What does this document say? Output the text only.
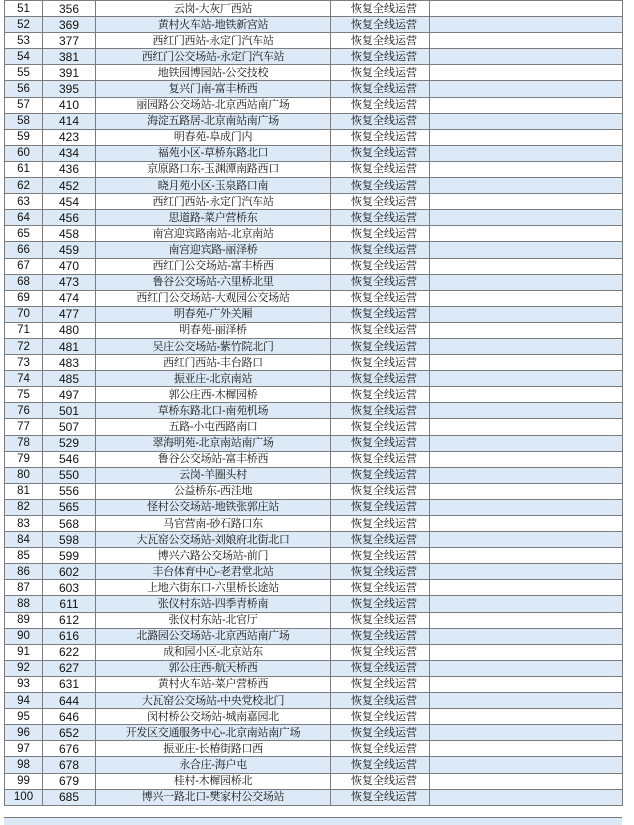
51	356	云岗-大灰厂西站	恢复全线运营	
52	369	黄村火车站-地铁新宫站	恢复全线运营	
53	377	西红门西站-永定门汽车站	恢复全线运营	
54	381	西红门公交场站-永定门汽车站	恢复全线运营	
55	391	地铁园博园站-公交技校	恢复全线运营	
56	395	复兴门南-富丰桥西	恢复全线运营	
57	410	丽园路公交场站-北京西站南广场	恢复全线运营	
58	414	海淀五路居-北京南站南广场	恢复全线运营	
59	423	明春苑-阜成门内	恢复全线运营	
60	434	福苑小区-草桥东路北口	恢复全线运营	
61	436	京原路口东-玉渊潭南路西口	恢复全线运营	
62	452	晓月苑小区-玉泉路口南	恢复全线运营	
63	454	西红门西站-永定门汽车站	恢复全线运营	
64	456	思道路-菜户营桥东	恢复全线运营	
65	458	南宫迎宾路南站-北京南站	恢复全线运营	
66	459	南宫迎宾路-丽泽桥	恢复全线运营	
67	470	西红门公交场站-富丰桥西	恢复全线运营	
68	473	鲁谷公交场站-六里桥北里	恢复全线运营	
69	474	西红门公交场站-大观园公交场站	恢复全线运营	
70	477	明春苑-广外关厢	恢复全线运营	
71	480	明春苑-丽泽桥	恢复全线运营	
72	481	吴庄公交场站-紫竹院北门	恢复全线运营	
73	483	西红门西站-丰台路口	恢复全线运营	
74	485	振亚庄-北京南站	恢复全线运营	
75	497	郭公庄西-木樨园桥	恢复全线运营	
76	501	草桥东路北口-南苑机场	恢复全线运营	
77	507	五路-小屯西路南口	恢复全线运营	
78	529	翠海明苑-北京南站南广场	恢复全线运营	
79	546	鲁谷公交场站-富丰桥西	恢复全线运营	
80	550	云岗-羊圈头村	恢复全线运营	
81	556	公益桥东-西洼地	恢复全线运营	
82	565	怪村公交场站-地铁张郭庄站	恢复全线运营	
83	568	马官营南-砂石路口东	恢复全线运营	
84	598	大瓦窑公交场站-刘娘府北街北口	恢复全线运营	
85	599	博兴六路公交场站-前门	恢复全线运营	
86	602	丰台体育中心-老君堂北站	恢复全线运营	
87	603	上地六街东口-六里桥长途站	恢复全线运营	
88	611	张仪村东站-四季青桥南	恢复全线运营	
89	612	张仪村东站-北官厅	恢复全线运营	
90	616	北潞园公交场站-北京西站南广场	恢复全线运营	
91	622	成和园小区-北京站东	恢复全线运营	
92	627	郭公庄西-航天桥西	恢复全线运营	
93	631	黄村火车站-菜户营桥西	恢复全线运营	
94	644	大瓦窑公交场站-中央党校北门	恢复全线运营	
95	646	闵村桥公交场站-城南嘉园北	恢复全线运营	
96	652	开发区交通服务中心-北京南站南广场	恢复全线运营	
97	676	振亚庄-长椿街路口西	恢复全线运营	
98	678	永合庄-海户屯	恢复全线运营	
99	679	桂村-木樨园桥北	恢复全线运营	
100	685	博兴一路北口-樊家村公交场站	恢复全线运营	
